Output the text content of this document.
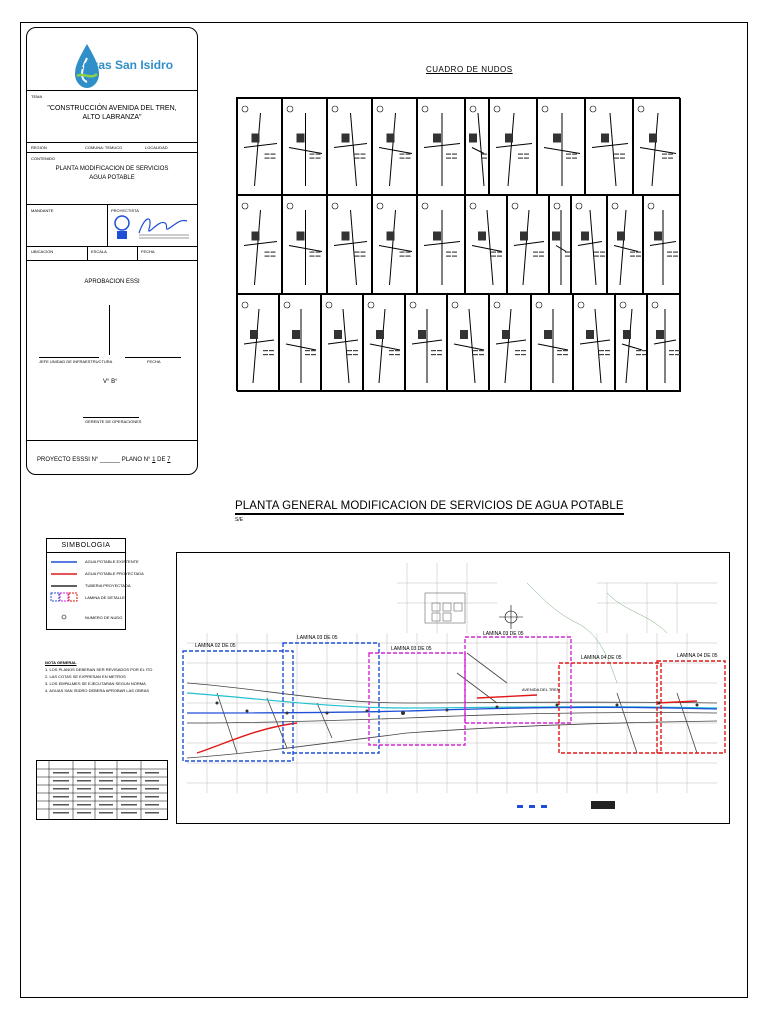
Aguas San Isidro
TEMA
"CONSTRUCCIÓN AVENIDA DEL TREN,
ALTO LABRANZA"
REGION	COMUNA: TEMUCO	LOCALIDAD
CONTENIDO
PLANTA MODIFICACION DE SERVICIOS
AGUA POTABLE
MANDANTE	PROYECTISTA
UBICACION	ESCALA	FECHA
APROBACION ESSI
JEFE UNIDAD DE INFRAESTRUCTURA	FECHA
V° B°
GERENTE DE OPERACIONES
PROYECTO ESSSI N° ______ PLANO N° 1 DE 7
CUADRO DE NUDOS
PLANTA GENERAL MODIFICACION DE SERVICIOS DE AGUA POTABLE
S/E
SIMBOLOGIA
AGUA POTABLE EXISTENTE
AGUA POTABLE PROYECTADA
TUBERIA PROYECTADA
LAMINA DE DETALLE
NUMERO DE NUDO
NOTA GENERAL
1. LOS PLANOS DEBERAN SER REVISADOS POR EL ITO
2. LAS COTAS SE EXPRESAN EN METROS
3. LOS EMPALMES SE EJECUTARAN SEGUN NORMA
4. AGUAS SAN ISIDRO DEBERA APROBAR LAS OBRAS
LAMINA 02 DE 05
LAMINA 03 DE 05
LAMINA 03 DE 05
LAMINA 03 DE 05
LAMINA 04 DE 05	LAMINA 04 DE 05
AVENIDA DEL TREN
